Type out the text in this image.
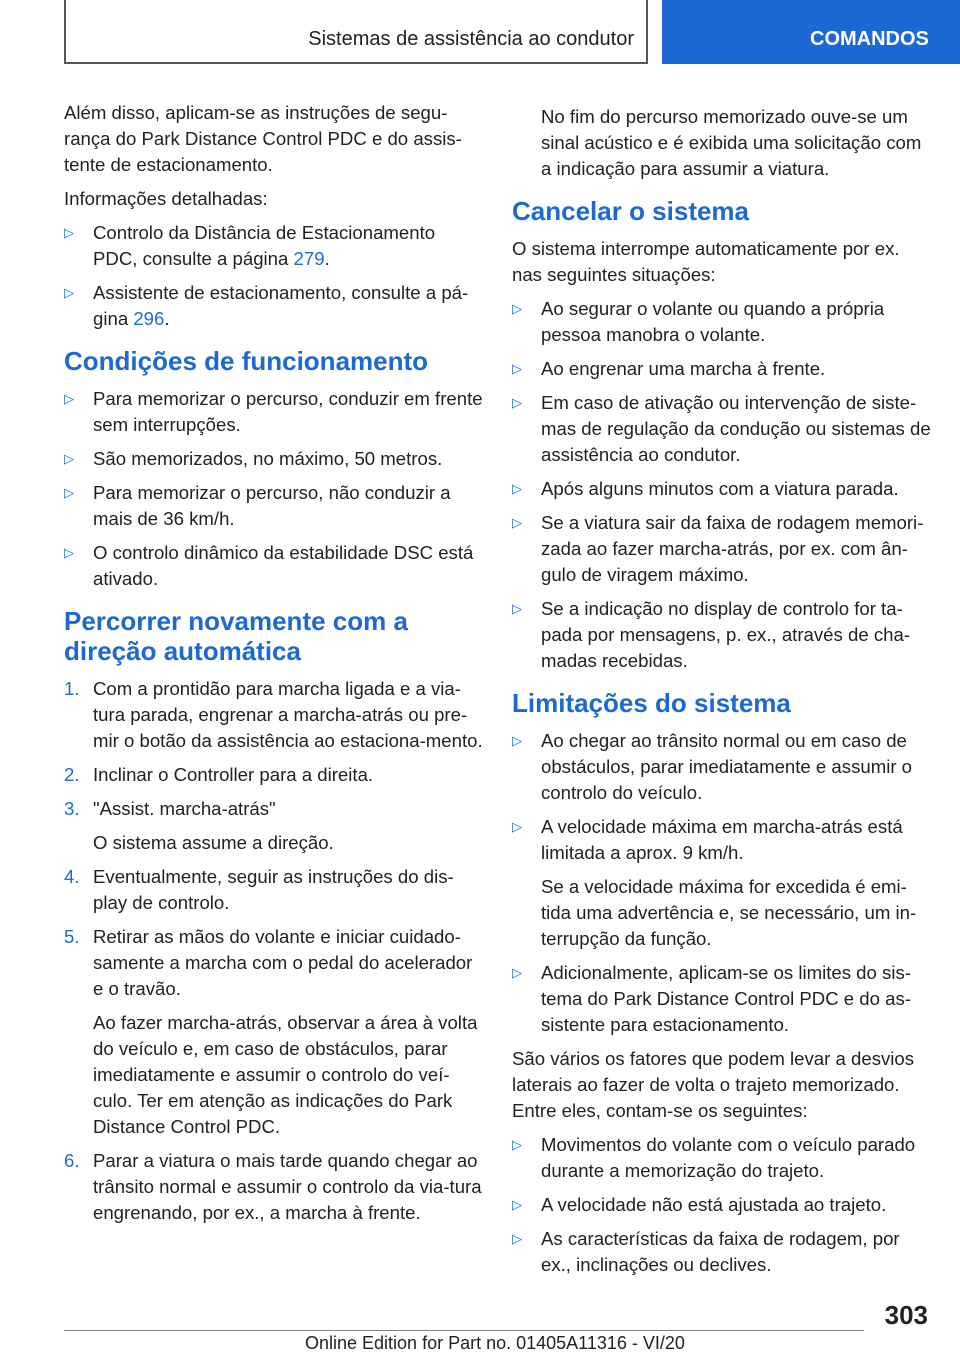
Sistemas de assistência ao condutor	COMANDOS

Além disso, aplicam-se as instruções de segu-rança do Park Distance Control PDC e do assis-tente de estacionamento.

Informações detalhadas:

▷ Controlo da Distância de Estacionamento PDC, consulte a página 279.
▷ Assistente de estacionamento, consulte a pá-gina 296.
Condições de funcionamento
▷ Para memorizar o percurso, conduzir em frente sem interrupções.
▷ São memorizados, no máximo, 50 metros.
▷ Para memorizar o percurso, não conduzir a mais de 36 km/h.
▷ O controlo dinâmico da estabilidade DSC está ativado.
Percorrer novamente com a direção automática
1. Com a prontidão para marcha ligada e a via-tura parada, engrenar a marcha-atrás ou pre-mir o botão da assistência ao estaciona-mento.
2. Inclinar o Controller para a direita.
3. "Assist. marcha-atrás"
O sistema assume a direção.
4. Eventualmente, seguir as instruções do dis-play de controlo.
5. Retirar as mãos do volante e iniciar cuidado-samente a marcha com o pedal do acelerador e o travão.
Ao fazer marcha-atrás, observar a área à volta do veículo e, em caso de obstáculos, parar imediatamente e assumir o controlo do veí-culo. Ter em atenção as indicações do Park Distance Control PDC.
6. Parar a viatura o mais tarde quando chegar ao trânsito normal e assumir o controlo da via-tura engrenando, por ex., a marcha à frente.
No fim do percurso memorizado ouve-se um sinal acústico e é exibida uma solicitação com a indicação para assumir a viatura.
Cancelar o sistema

O sistema interrompe automaticamente por ex. nas seguintes situações:

▷ Ao segurar o volante ou quando a própria pessoa manobra o volante.
▷ Ao engrenar uma marcha à frente.
▷ Em caso de ativação ou intervenção de siste-mas de regulação da condução ou sistemas de assistência ao condutor.
▷ Após alguns minutos com a viatura parada.
▷ Se a viatura sair da faixa de rodagem memori-zada ao fazer marcha-atrás, por ex. com ân-gulo de viragem máximo.
▷ Se a indicação no display de controlo for ta-pada por mensagens, p. ex., através de cha-madas recebidas.
Limitações do sistema
▷ Ao chegar ao trânsito normal ou em caso de obstáculos, parar imediatamente e assumir o controlo do veículo.
▷ A velocidade máxima em marcha-atrás está limitada a aprox. 9 km/h.
Se a velocidade máxima for excedida é emi-tida uma advertência e, se necessário, um in-terrupção da função.
▷ Adicionalmente, aplicam-se os limites do sis-tema do Park Distance Control PDC e do as-sistente para estacionamento.

São vários os fatores que podem levar a desvios laterais ao fazer de volta o trajeto memorizado. Entre eles, contam-se os seguintes:

▷ Movimentos do volante com o veículo parado durante a memorização do trajeto.
▷ A velocidade não está ajustada ao trajeto.
▷ As características da faixa de rodagem, por ex., inclinações ou declives.
303
Online Edition for Part no. 01405A11316 - VI/20
